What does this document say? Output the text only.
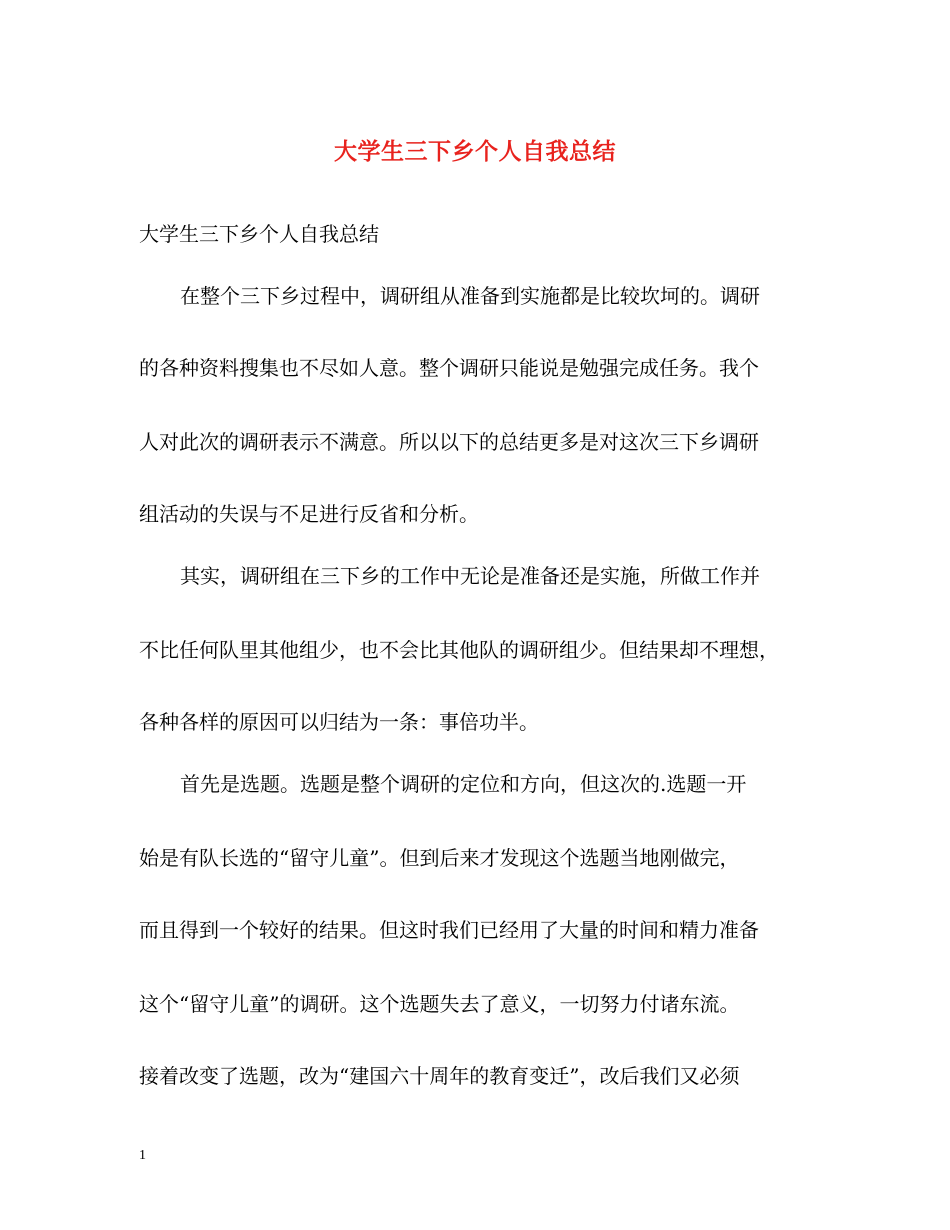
大学生三下乡个人自我总结
大学生三下乡个人自我总结
在整个三下乡过程中，调研组从准备到实施都是比较坎坷的。调研
的各种资料搜集也不尽如人意。整个调研只能说是勉强完成任务。我个
人对此次的调研表示不满意。所以以下的总结更多是对这次三下乡调研
组活动的失误与不足进行反省和分析。
其实，调研组在三下乡的工作中无论是准备还是实施，所做工作并
不比任何队里其他组少，也不会比其他队的调研组少。但结果却不理想，
各种各样的原因可以归结为一条：事倍功半。
首先是选题。选题是整个调研的定位和方向，但这次的.选题一开
始是有队长选的“留守儿童”。但到后来才发现这个选题当地刚做完，
而且得到一个较好的结果。但这时我们已经用了大量的时间和精力准备
这个“留守儿童”的调研。这个选题失去了意义，一切努力付诸东流。
接着改变了选题，改为“建国六十周年的教育变迁”，改后我们又必须
1
